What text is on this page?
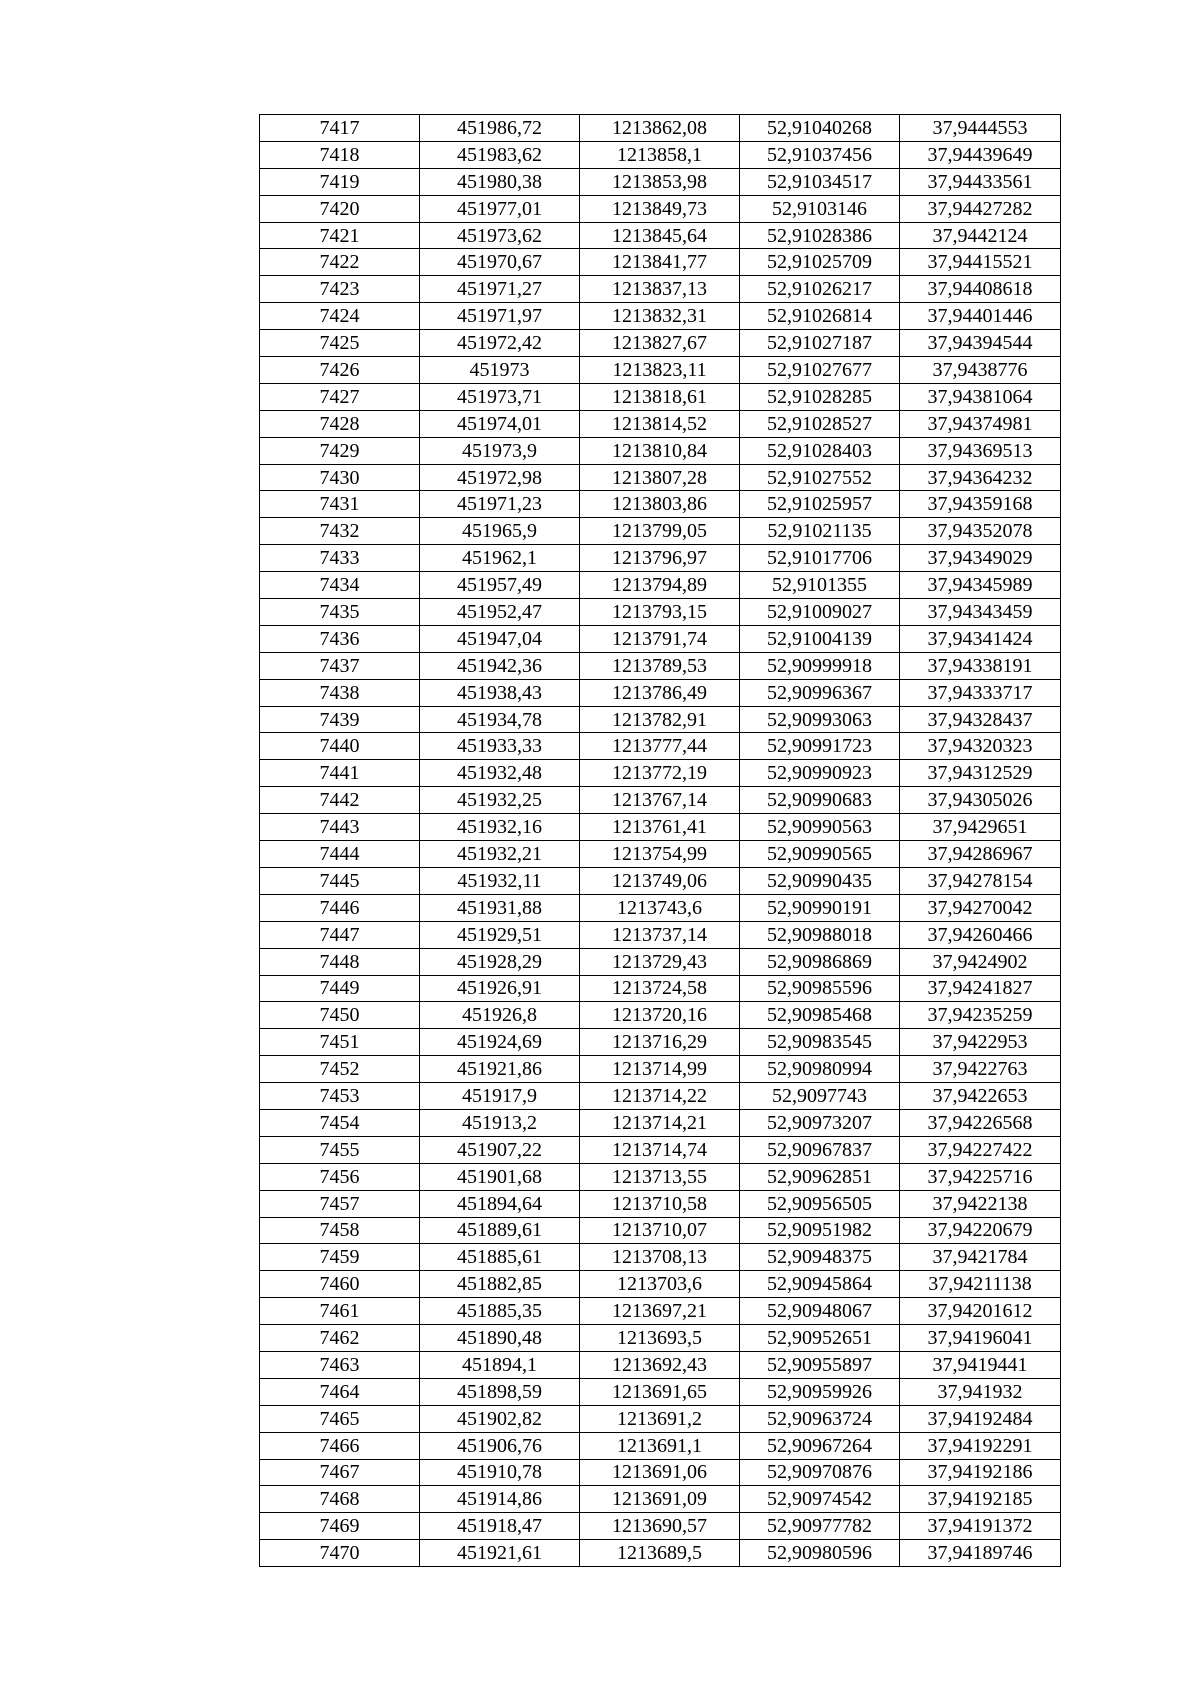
7417	451986,72	1213862,08	52,91040268	37,9444553
7418	451983,62	1213858,1	52,91037456	37,94439649
7419	451980,38	1213853,98	52,91034517	37,94433561
7420	451977,01	1213849,73	52,9103146	37,94427282
7421	451973,62	1213845,64	52,91028386	37,9442124
7422	451970,67	1213841,77	52,91025709	37,94415521
7423	451971,27	1213837,13	52,91026217	37,94408618
7424	451971,97	1213832,31	52,91026814	37,94401446
7425	451972,42	1213827,67	52,91027187	37,94394544
7426	451973	1213823,11	52,91027677	37,9438776
7427	451973,71	1213818,61	52,91028285	37,94381064
7428	451974,01	1213814,52	52,91028527	37,94374981
7429	451973,9	1213810,84	52,91028403	37,94369513
7430	451972,98	1213807,28	52,91027552	37,94364232
7431	451971,23	1213803,86	52,91025957	37,94359168
7432	451965,9	1213799,05	52,91021135	37,94352078
7433	451962,1	1213796,97	52,91017706	37,94349029
7434	451957,49	1213794,89	52,9101355	37,94345989
7435	451952,47	1213793,15	52,91009027	37,94343459
7436	451947,04	1213791,74	52,91004139	37,94341424
7437	451942,36	1213789,53	52,90999918	37,94338191
7438	451938,43	1213786,49	52,90996367	37,94333717
7439	451934,78	1213782,91	52,90993063	37,94328437
7440	451933,33	1213777,44	52,90991723	37,94320323
7441	451932,48	1213772,19	52,90990923	37,94312529
7442	451932,25	1213767,14	52,90990683	37,94305026
7443	451932,16	1213761,41	52,90990563	37,9429651
7444	451932,21	1213754,99	52,90990565	37,94286967
7445	451932,11	1213749,06	52,90990435	37,94278154
7446	451931,88	1213743,6	52,90990191	37,94270042
7447	451929,51	1213737,14	52,90988018	37,94260466
7448	451928,29	1213729,43	52,90986869	37,9424902
7449	451926,91	1213724,58	52,90985596	37,94241827
7450	451926,8	1213720,16	52,90985468	37,94235259
7451	451924,69	1213716,29	52,90983545	37,9422953
7452	451921,86	1213714,99	52,90980994	37,9422763
7453	451917,9	1213714,22	52,9097743	37,9422653
7454	451913,2	1213714,21	52,90973207	37,94226568
7455	451907,22	1213714,74	52,90967837	37,94227422
7456	451901,68	1213713,55	52,90962851	37,94225716
7457	451894,64	1213710,58	52,90956505	37,9422138
7458	451889,61	1213710,07	52,90951982	37,94220679
7459	451885,61	1213708,13	52,90948375	37,9421784
7460	451882,85	1213703,6	52,90945864	37,94211138
7461	451885,35	1213697,21	52,90948067	37,94201612
7462	451890,48	1213693,5	52,90952651	37,94196041
7463	451894,1	1213692,43	52,90955897	37,9419441
7464	451898,59	1213691,65	52,90959926	37,941932
7465	451902,82	1213691,2	52,90963724	37,94192484
7466	451906,76	1213691,1	52,90967264	37,94192291
7467	451910,78	1213691,06	52,90970876	37,94192186
7468	451914,86	1213691,09	52,90974542	37,94192185
7469	451918,47	1213690,57	52,90977782	37,94191372
7470	451921,61	1213689,5	52,90980596	37,94189746
